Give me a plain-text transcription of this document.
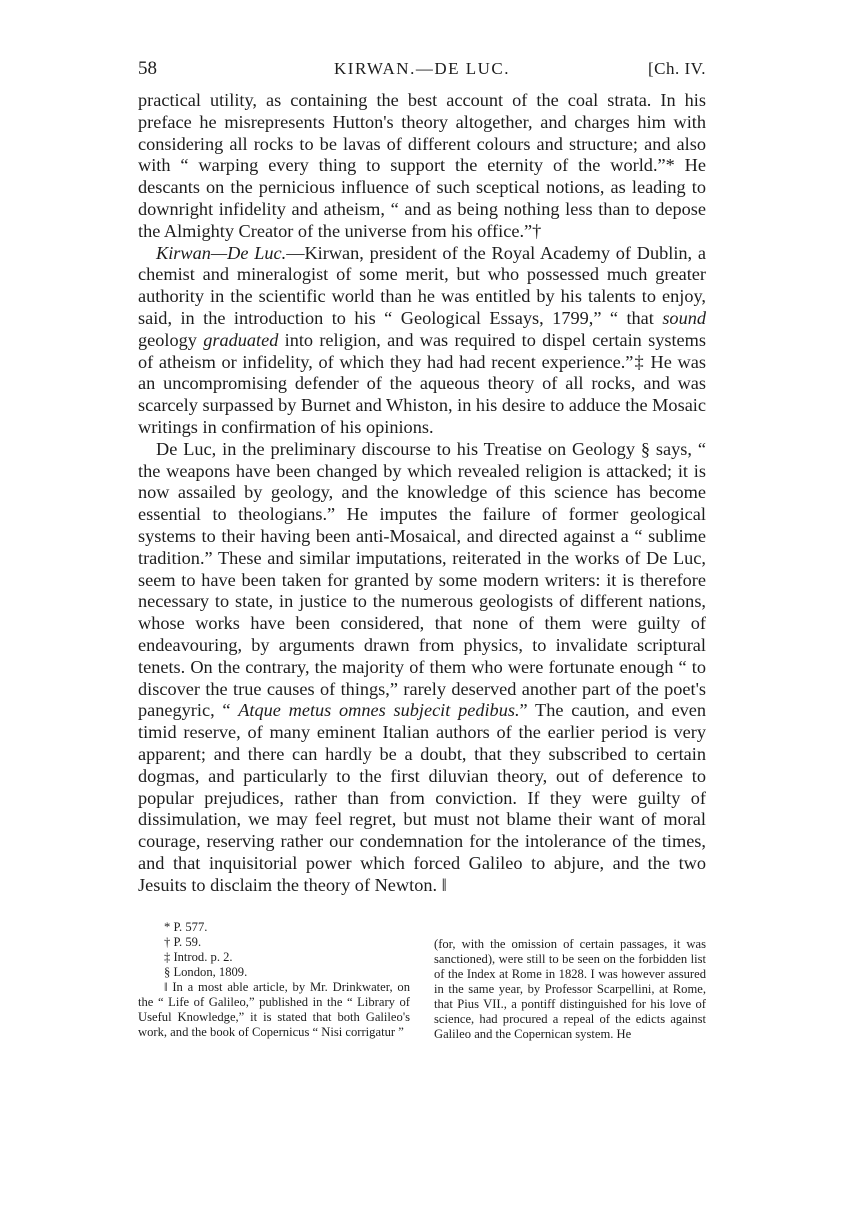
58	KIRWAN.—DE LUC.	[Ch. IV.

practical utility, as containing the best account of the coal strata. In his preface he misrepresents Hutton's theory altogether, and charges him with considering all rocks to be lavas of different colours and structure; and also with “ warping every thing to support the eternity of the world.”* He descants on the pernicious influence of such sceptical notions, as leading to downright infidelity and atheism, “ and as being nothing less than to depose the Almighty Creator of the universe from his office.”†

Kirwan—De Luc.—Kirwan, president of the Royal Academy of Dublin, a chemist and mineralogist of some merit, but who possessed much greater authority in the scientific world than he was entitled by his talents to enjoy, said, in the introduction to his “ Geological Essays, 1799,” “ that sound geology graduated into religion, and was required to dispel certain systems of atheism or infidelity, of which they had had recent experience.”‡ He was an uncompromising defender of the aqueous theory of all rocks, and was scarcely surpassed by Burnet and Whiston, in his desire to adduce the Mosaic writings in confirmation of his opinions.

De Luc, in the preliminary discourse to his Treatise on Geology § says, “ the weapons have been changed by which revealed religion is attacked; it is now assailed by geology, and the knowledge of this science has become essential to theologians.” He imputes the failure of former geological systems to their having been anti-Mosaical, and directed against a “ sublime tradition.” These and similar imputations, reiterated in the works of De Luc, seem to have been taken for granted by some modern writers: it is therefore necessary to state, in justice to the numerous geologists of different nations, whose works have been considered, that none of them were guilty of endeavouring, by arguments drawn from physics, to invalidate scriptural tenets. On the contrary, the majority of them who were fortunate enough “ to discover the true causes of things,” rarely deserved another part of the poet's panegyric, “ Atque metus omnes subjecit pedibus.” The caution, and even timid reserve, of many eminent Italian authors of the earlier period is very apparent; and there can hardly be a doubt, that they subscribed to certain dogmas, and particularly to the first diluvian theory, out of deference to popular prejudices, rather than from conviction. If they were guilty of dissimulation, we may feel regret, but must not blame their want of moral courage, reserving rather our condemnation for the intolerance of the times, and that inquisitorial power which forced Galileo to abjure, and the two Jesuits to disclaim the theory of Newton. ‖

* P. 577.
† P. 59.
‡ Introd. p. 2.
§ London, 1809.

‖ In a most able article, by Mr. Drinkwater, on the “ Life of Galileo,” published in the “ Library of Useful Knowledge,” it is stated that both Galileo's work, and the book of Copernicus “ Nisi corrigatur ”

(for, with the omission of certain passages, it was sanctioned), were still to be seen on the forbidden list of the Index at Rome in 1828. I was however assured in the same year, by Professor Scarpellini, at Rome, that Pius VII., a pontiff distinguished for his love of science, had procured a repeal of the edicts against Galileo and the Copernican system. He
